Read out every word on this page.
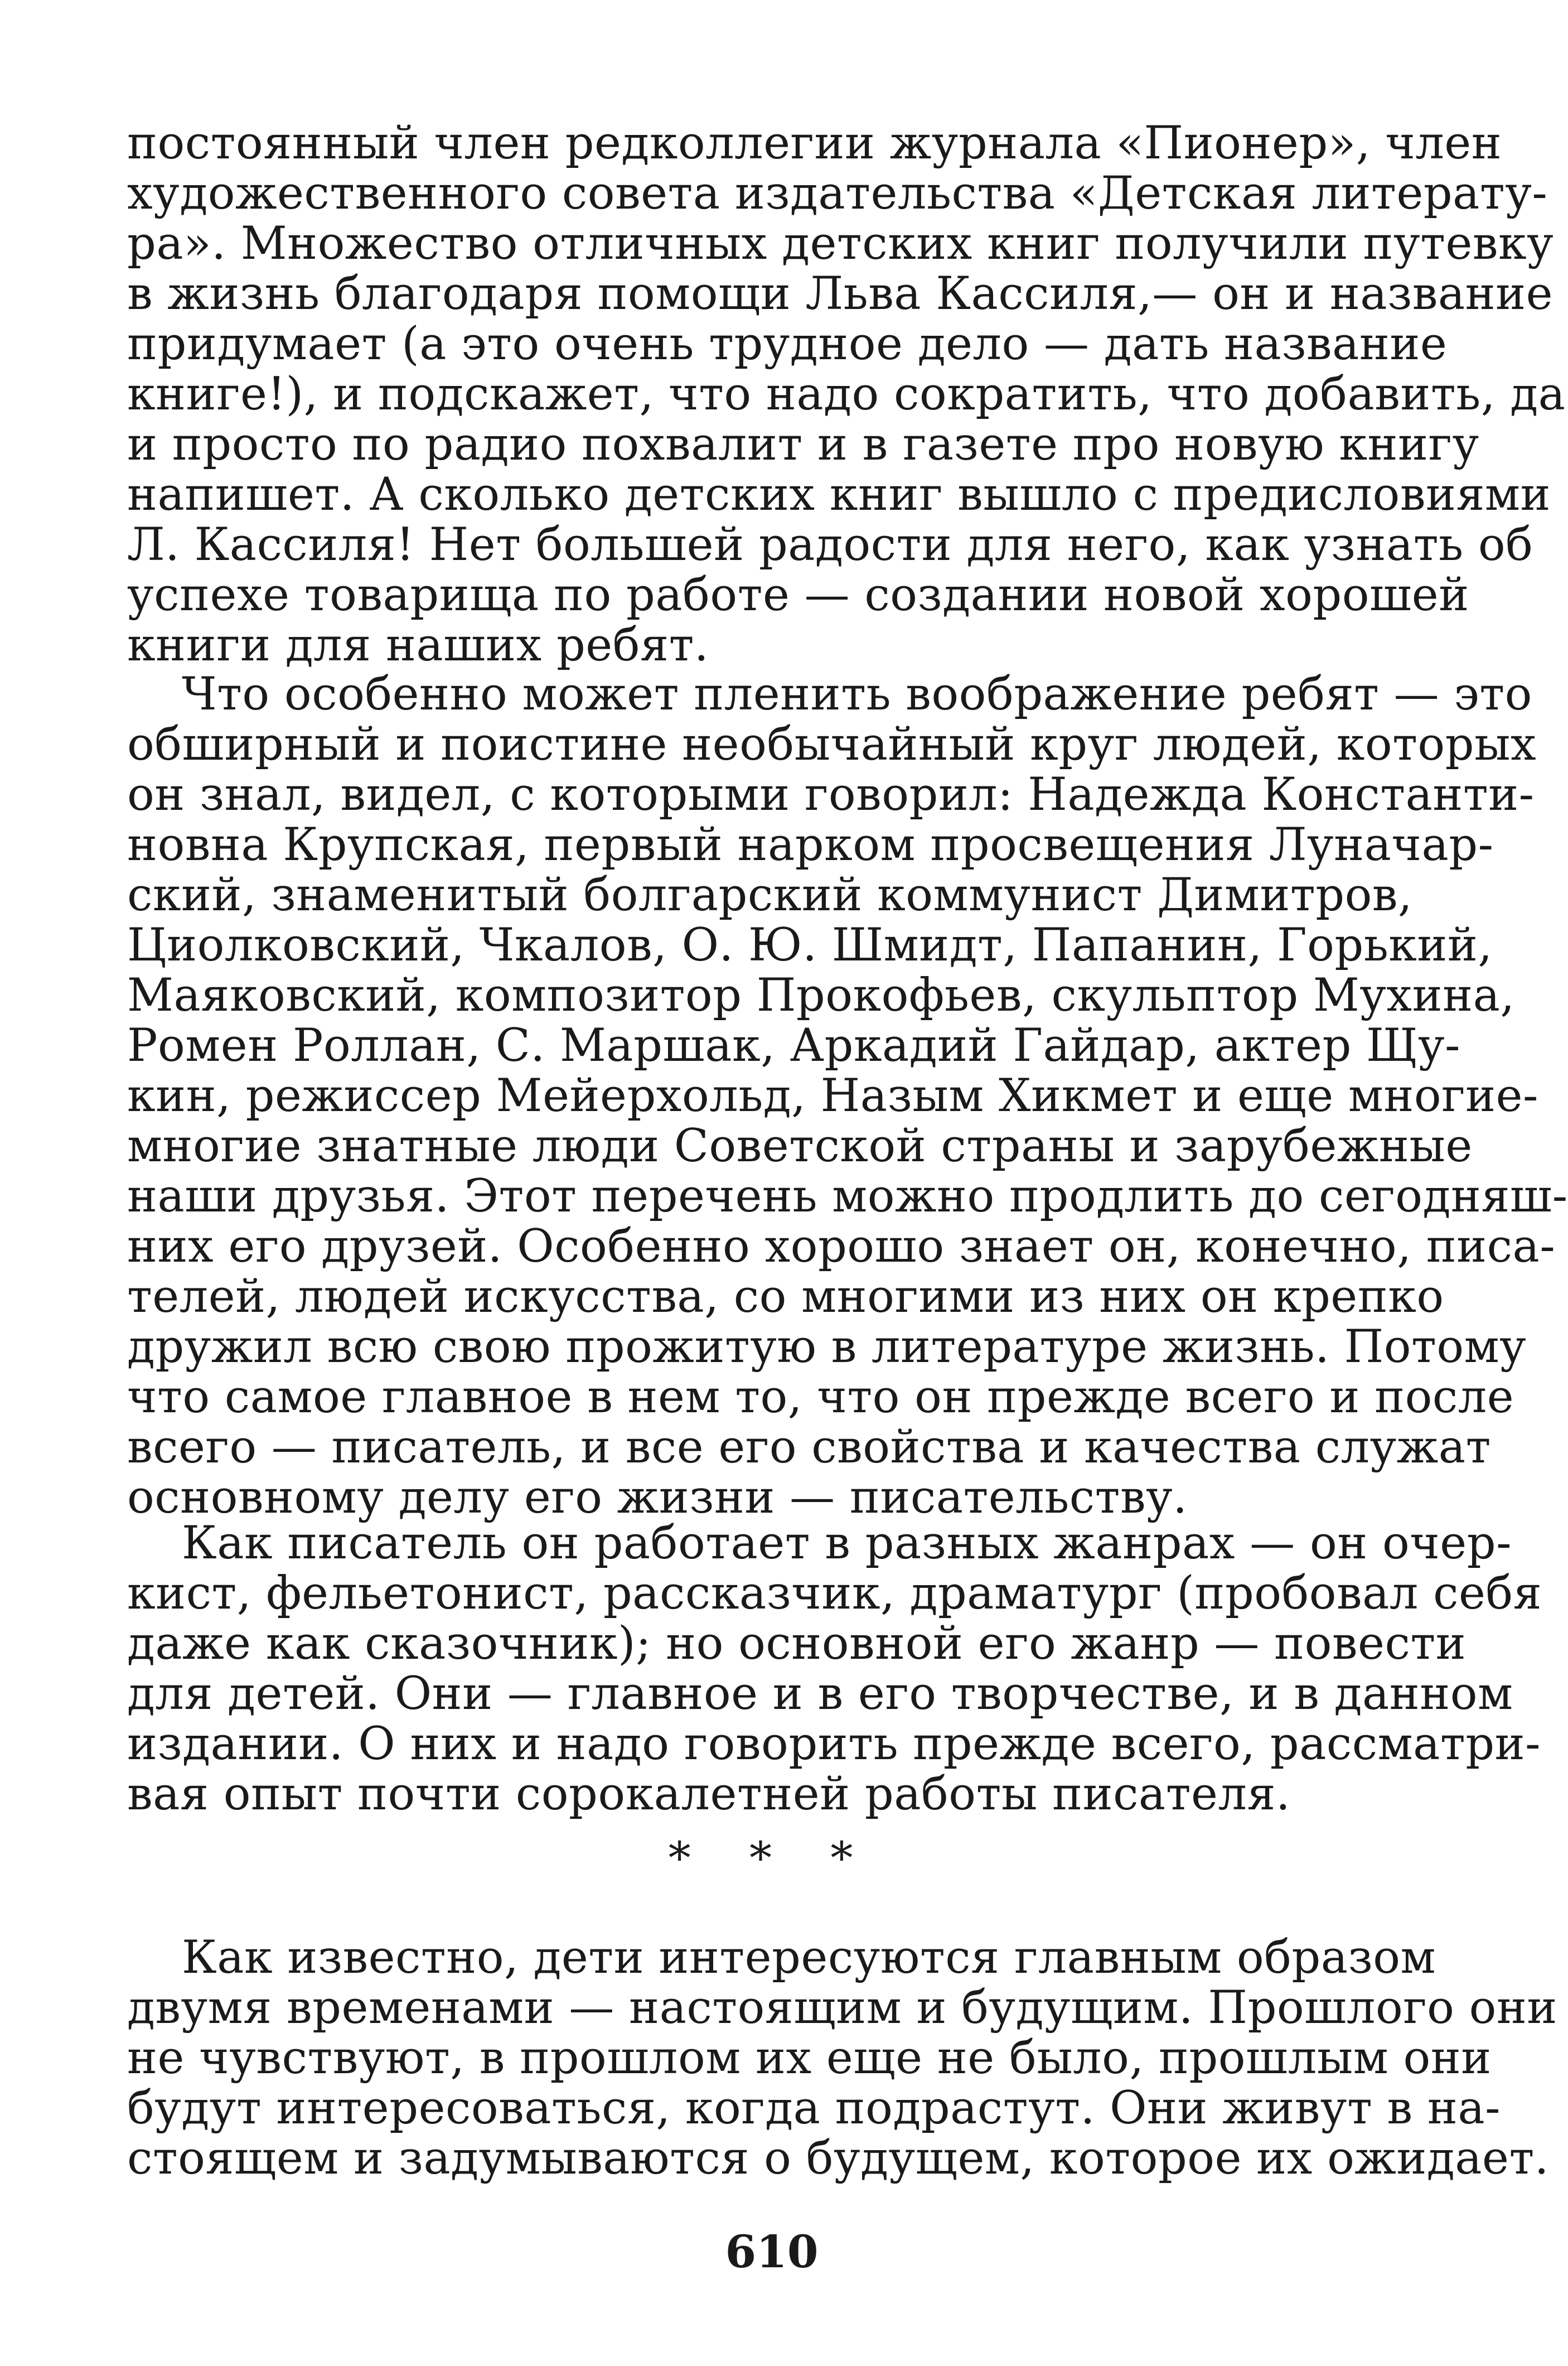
постоянный член редколлегии журнала «Пионер», член
художественного совета издательства «Детская литерату-
ра». Множество отличных детских книг получили путевку
в жизнь благодаря помощи Льва Кассиля,— он и название
придумает (а это очень трудное дело — дать название
книге!), и подскажет, что надо сократить, что добавить, да
и просто по радио похвалит и в газете про новую книгу
напишет. А сколько детских книг вышло с предисловиями
Л. Кассиля! Нет большей радости для него, как узнать об
успехе товарища по работе — создании новой хорошей
книги для наших ребят.
Что особенно может пленить воображение ребят — это
обширный и поистине необычайный круг людей, которых
он знал, видел, с которыми говорил: Надежда Константи-
новна Крупская, первый нарком просвещения Луначар-
ский, знаменитый болгарский коммунист Димитров,
Циолковский, Чкалов, О. Ю. Шмидт, Папанин, Горький,
Маяковский, композитор Прокофьев, скульптор Мухина,
Ромен Роллан, С. Маршак, Аркадий Гайдар, актер Щу-
кин, режиссер Мейерхольд, Назым Хикмет и еще многие-
многие знатные люди Советской страны и зарубежные
наши друзья. Этот перечень можно продлить до сегодняш-
них его друзей. Особенно хорошо знает он, конечно, писа-
телей, людей искусства, со многими из них он крепко
дружил всю свою прожитую в литературе жизнь. Потому
что самое главное в нем то, что он прежде всего и после
всего — писатель, и все его свойства и качества служат
основному делу его жизни — писательству.
Как писатель он работает в разных жанрах — он очер-
кист, фельетонист, рассказчик, драматург (пробовал себя
даже как сказочник); но основной его жанр — повести
для детей. Они — главное и в его творчестве, и в данном
издании. О них и надо говорить прежде всего, рассматри-
вая опыт почти сорокалетней работы писателя.
* * *
Как известно, дети интересуются главным образом
двумя временами — настоящим и будущим. Прошлого они
не чувствуют, в прошлом их еще не было, прошлым они
будут интересоваться, когда подрастут. Они живут в на-
стоящем и задумываются о будущем, которое их ожидает.
610
